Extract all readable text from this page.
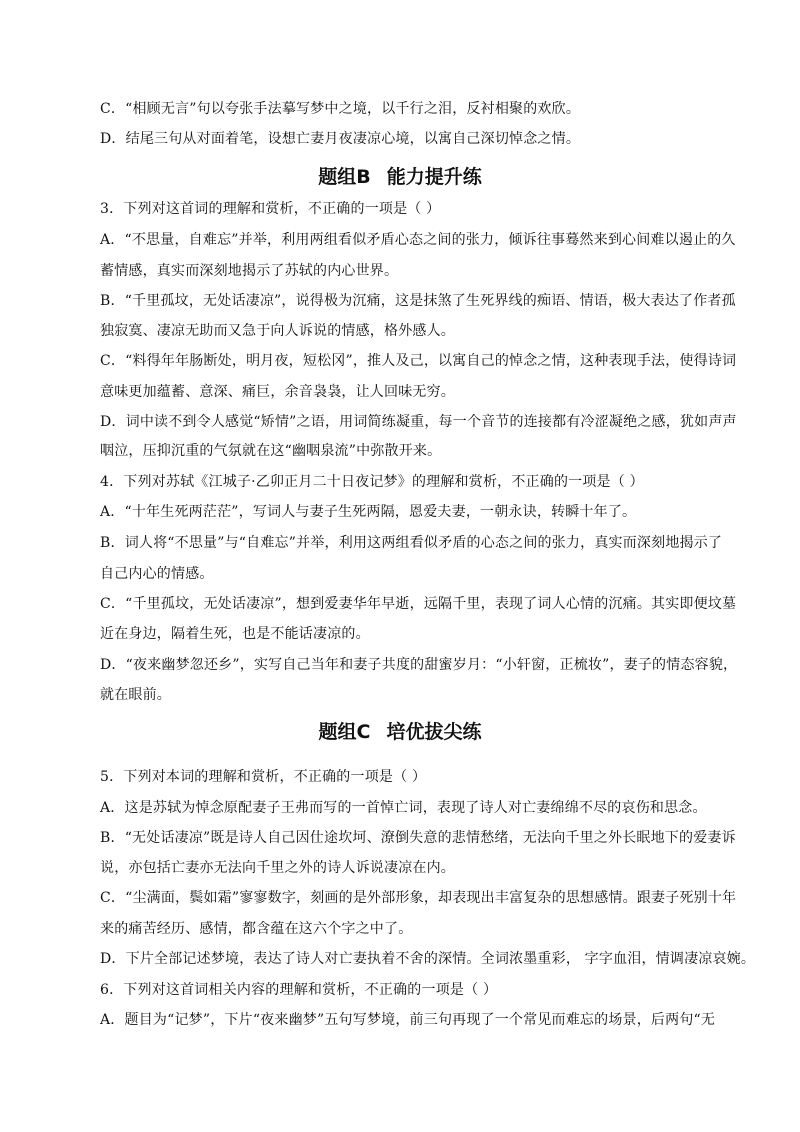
C．“相顾无言”句以夸张手法摹写梦中之境，以千行之泪，反衬相聚的欢欣。
D．结尾三句从对面着笔，设想亡妻月夜凄凉心境，以寓自己深切悼念之情。
题组B 能力提升练
3．下列对这首词的理解和赏析，不正确的一项是（ ）
A．“不思量，自难忘”并举，利用两组看似矛盾心态之间的张力，倾诉往事蓦然来到心间难以遏止的久
蓄情感，真实而深刻地揭示了苏轼的内心世界。
B．“千里孤坟，无处话凄凉”，说得极为沉痛，这是抹煞了生死界线的痴语、情语，极大表达了作者孤
独寂寞、凄凉无助而又急于向人诉说的情感，格外感人。
C．“料得年年肠断处，明月夜，短松冈”，推人及己，以寓自己的悼念之情，这种表现手法，使得诗词
意味更加蕴蓄、意深、痛巨，余音袅袅，让人回味无穷。
D．词中读不到令人感觉“矫情”之语，用词简练凝重，每一个音节的连接都有冷涩凝绝之感，犹如声声
咽泣，压抑沉重的气氛就在这“幽咽泉流”中弥散开来。
4．下列对苏轼《江城子·乙卯正月二十日夜记梦》的理解和赏析，不正确的一项是（ ）
A．“十年生死两茫茫”，写词人与妻子生死两隔，恩爱夫妻，一朝永诀，转瞬十年了。
B．词人将“不思量”与“自难忘”并举，利用这两组看似矛盾的心态之间的张力，真实而深刻地揭示了
自己内心的情感。
C．“千里孤坟，无处话凄凉”，想到爱妻华年早逝，远隔千里，表现了词人心情的沉痛。其实即便坟墓
近在身边，隔着生死，也是不能话凄凉的。
D．“夜来幽梦忽还乡”，实写自己当年和妻子共度的甜蜜岁月：“小轩窗，正梳妆”，妻子的情态容貌，
就在眼前。
题组C 培优拔尖练
5．下列对本词的理解和赏析，不正确的一项是（ ）
A．这是苏轼为悼念原配妻子王弗而写的一首悼亡词，表现了诗人对亡妻绵绵不尽的哀伤和思念。
B．“无处话凄凉”既是诗人自己因仕途坎坷、潦倒失意的悲情愁绪，无法向千里之外长眠地下的爱妻诉
说，亦包括亡妻亦无法向千里之外的诗人诉说凄凉在内。
C．“尘满面，鬓如霜”寥寥数字，刻画的是外部形象，却表现出丰富复杂的思想感情。跟妻子死别十年
来的痛苦经历、感情，都含蕴在这六个字之中了。
D．下片全部记述梦境，表达了诗人对亡妻执着不舍的深情。全词浓墨重彩， 字字血泪，情调凄凉哀婉。
6．下列对这首词相关内容的理解和赏析，不正确的一项是（ ）
A．题目为“记梦”，下片“夜来幽梦”五句写梦境，前三句再现了一个常见而难忘的场景，后两句“无
